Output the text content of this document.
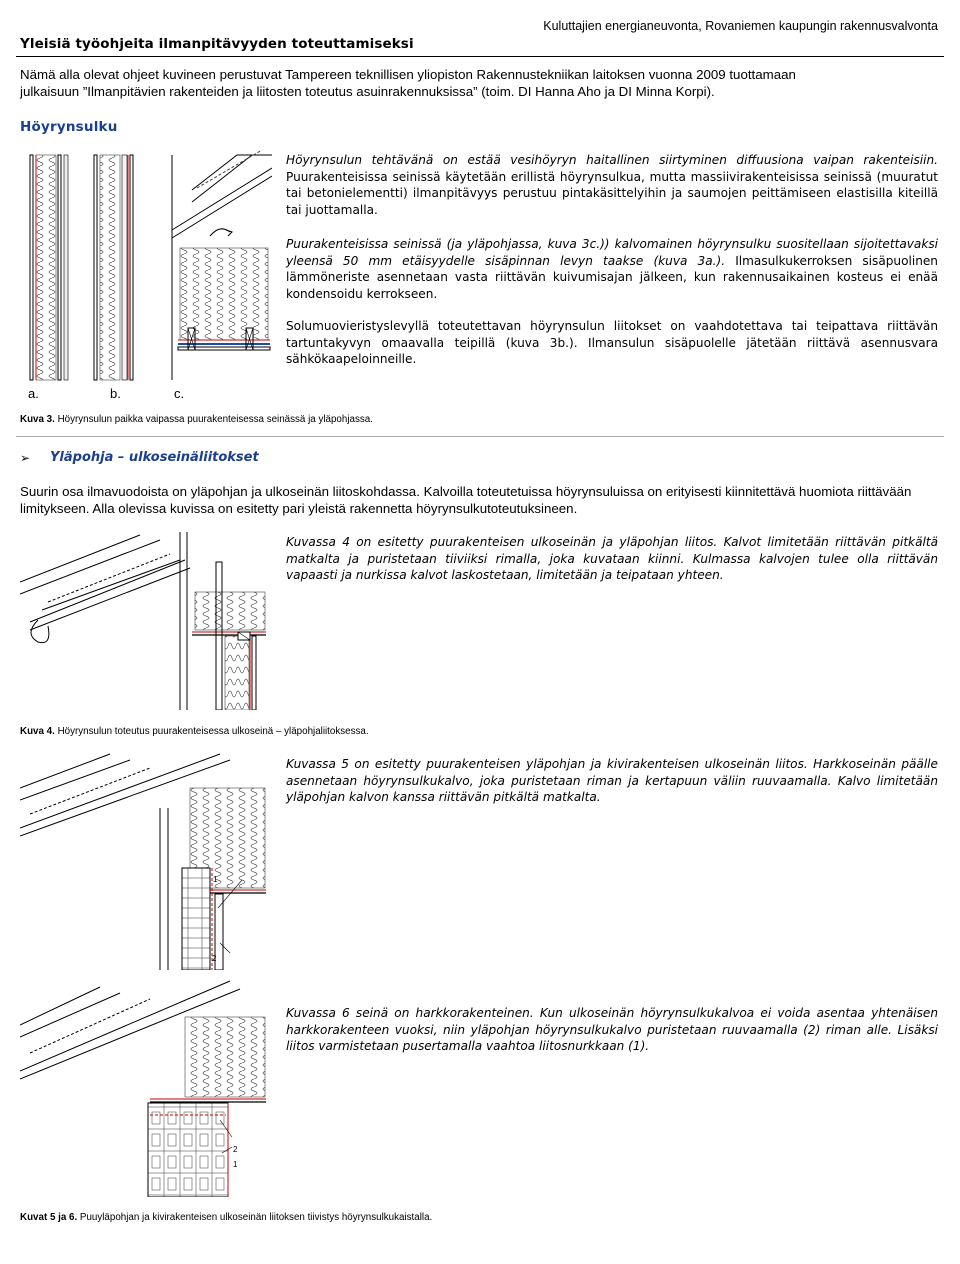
Kuluttajien energianeuvonta, Rovaniemen kaupungin rakennusvalvonta
Yleisiä työohjeita ilmanpitävyyden toteuttamiseksi
Nämä alla olevat ohjeet kuvineen perustuvat Tampereen teknillisen yliopiston Rakennustekniikan laitoksen vuonna 2009 tuottamaan
julkaisuun ”Ilmanpitävien rakenteiden ja liitosten toteutus asuinrakennuksissa” (toim. DI Hanna Aho ja DI Minna Korpi).
Höyrynsulku
a.	b.	c.
Höyrynsulun tehtävänä on estää vesihöyryn haitallinen siirtyminen diffuusiona vaipan rakenteisiin. Puurakenteisissa seinissä käytetään erillistä höyrynsulkua, mutta massiivirakenteisissa seinissä (muuratut tai betonielementti) ilmanpitävyys perustuu pintakäsittelyihin ja saumojen peittämiseen elastisilla kiteillä tai juottamalla.
Puurakenteisissa seinissä (ja yläpohjassa, kuva 3c.)) kalvomainen höyrynsulku suositellaan sijoitettavaksi yleensä 50 mm etäisyydelle sisäpinnan levyn taakse (kuva 3a.). Ilmasulkukerroksen sisäpuolinen lämmöneriste asennetaan vasta riittävän kuivumisajan jälkeen, kun rakennusaikainen kosteus ei enää kondensoidu kerrokseen.
Solumuovieristyslevyllä toteutettavan höyrynsulun liitokset on vaahdotettava tai teipattava riittävän tartuntakyvyn omaavalla teipillä (kuva 3b.). Ilmansulun sisäpuolelle jätetään riittävä asennusvara sähkökaapeloinneille.
Kuva 3. Höyrynsulun paikka vaipassa puurakenteisessa seinässä ja yläpohjassa.
➢ Yläpohja – ulkoseinäliitokset
Suurin osa ilmavuodoista on yläpohjan ja ulkoseinän liitoskohdassa. Kalvoilla toteutetuissa höyrynsuluissa on erityisesti kiinnitettävä huomiota riittävään limitykseen. Alla olevissa kuvissa on esitetty pari yleistä rakennetta höyrynsulkutoteutuksineen.
Kuvassa 4 on esitetty puurakenteisen ulkoseinän ja yläpohjan liitos. Kalvot limitetään riittävän pitkältä matkalta ja puristetaan tiiviiksi rimalla, joka kuvataan kiinni. Kulmassa kalvojen tulee olla riittävän vapaasti ja nurkissa kalvot laskostetaan, limitetään ja teipataan yhteen.
Kuva 4. Höyrynsulun toteutus puurakenteisessa ulkoseinä – yläpohjaliitoksessa.
1
2
Kuvassa 5 on esitetty puurakenteisen yläpohjan ja kivirakenteisen ulkoseinän liitos. Harkkoseinän päälle asennetaan höyrynsulkukalvo, joka puristetaan riman ja kertapuun väliin ruuvaamalla. Kalvo limitetään yläpohjan kalvon kanssa riittävän pitkältä matkalta.
2
1
Kuvassa 6 seinä on harkkorakenteinen. Kun ulkoseinän höyrynsulkukalvoa ei voida asentaa yhtenäisen harkkorakenteen vuoksi, niin yläpohjan höyrynsulkukalvo puristetaan ruuvaamalla (2) riman alle. Lisäksi liitos varmistetaan pusertamalla vaahtoa liitosnurkkaan (1).
Kuvat 5 ja 6. Puuyläpohjan ja kivirakenteisen ulkoseinän liitoksen tiivistys höyrynsulkukaistalla.
